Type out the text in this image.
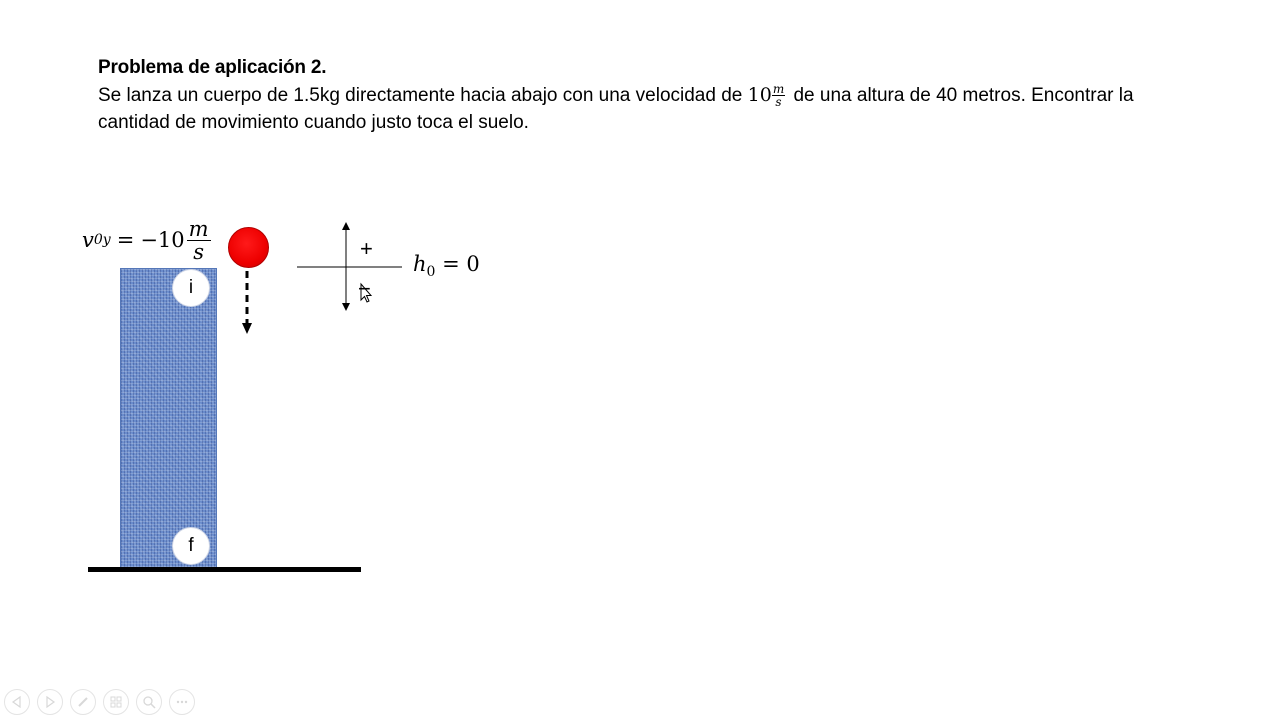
Problema de aplicación 2.
Se lanza un cuerpo de 1.5kg directamente hacia abajo con una velocidad de $10 \frac{m}{s}$ de una altura de 40 metros. Encontrar la cantidad de movimiento cuando justo toca el suelo.
v $0y = -10 \frac{m}{s}$
i
f
+
−
$h_0 = 0$
